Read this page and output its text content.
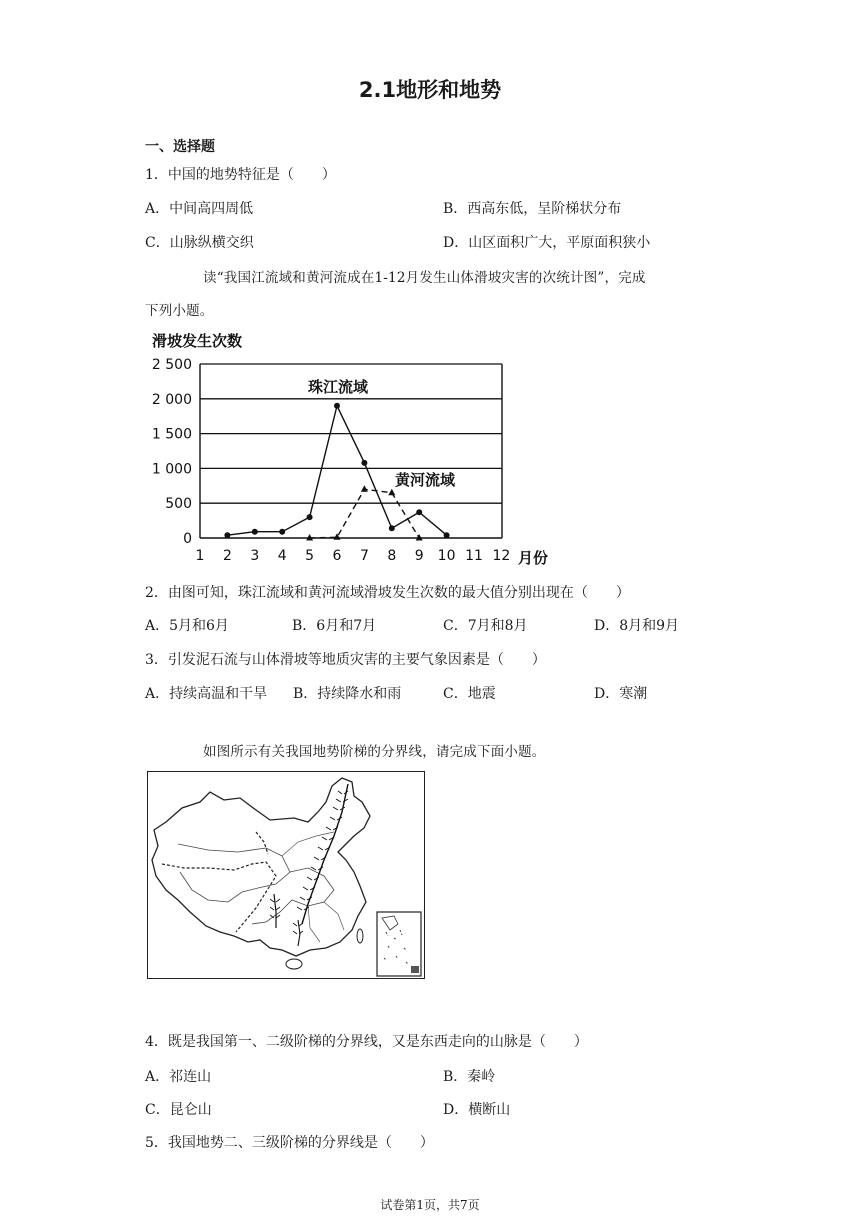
2.1地形和地势
一、选择题
1．中国的地势特征是（　　）
A．中间高四周低	B．西高东低，呈阶梯状分布
C．山脉纵横交织	D．山区面积广大，平原面积狭小
读“我国江流域和黄河流成在1-12月发生山体滑坡灾害的次统计图”，完成
下列小题。
滑坡发生次数
2 500
2 000
1 500
1 000
500
0
1 2 3 4 5 6 7 8 9 10 11 12 月份
珠江流域
黄河流域
2．由图可知，珠江流域和黄河流域滑坡发生次数的最大值分别出现在（　　）
A．5月和6月	B．6月和7月	C．7月和8月	D．8月和9月
3．引发泥石流与山体滑坡等地质灾害的主要气象因素是（　　）
A．持续高温和干旱 B．持续降水和雨	C．地震	D．寒潮
如图所示有关我国地势阶梯的分界线，请完成下面小题。
4．既是我国第一、二级阶梯的分界线，又是东西走向的山脉是（　　）
A．祁连山	B．秦岭
C．昆仑山	D．横断山
5．我国地势二、三级阶梯的分界线是（　　）
试卷第1页，共7页
